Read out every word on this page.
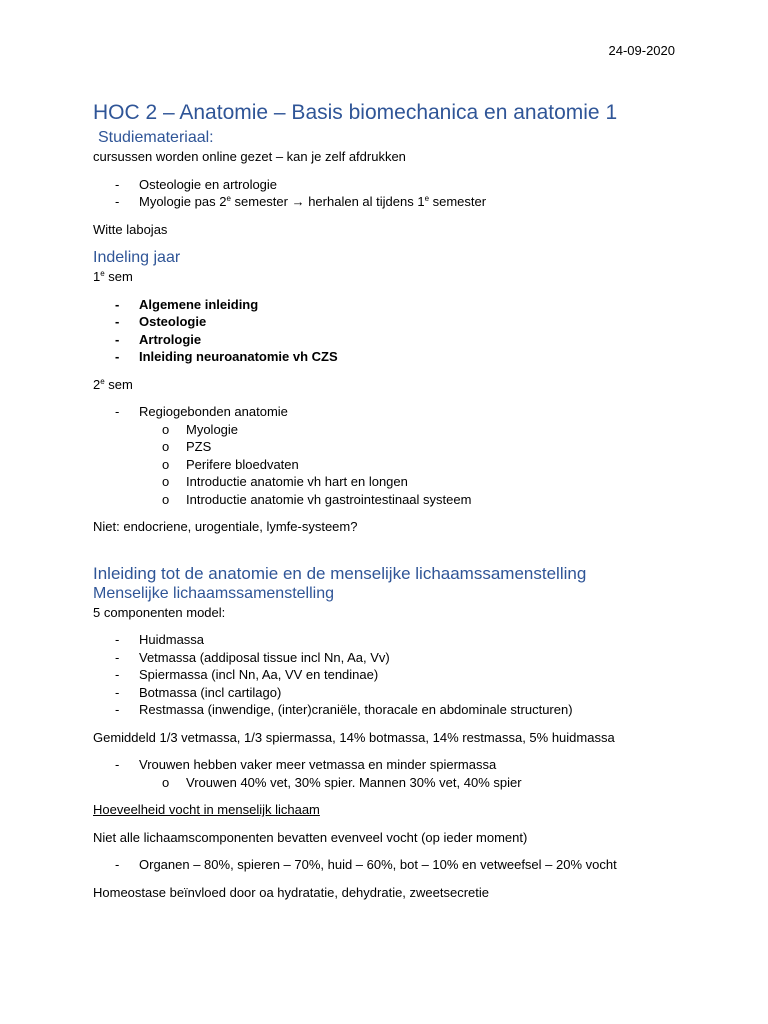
24-09-2020
HOC 2 – Anatomie – Basis biomechanica en anatomie 1
Studiemateriaal:

cursussen worden online gezet – kan je zelf afdrukken

- Osteologie en artrologie
- Myologie pas 2e semester → herhalen al tijdens 1e semester

Witte labojas

Indeling jaar

1e sem

- Algemene inleiding
- Osteologie
- Artrologie
- Inleiding neuroanatomie vh CZS

2e sem

- Regiogebonden anatomie
o Myologie
o PZS
o Perifere bloedvaten
o Introductie anatomie vh hart en longen
o Introductie anatomie vh gastrointestinaal systeem

Niet: endocriene, urogentiale, lymfe-systeem?

Inleiding tot de anatomie en de menselijke lichaamssamenstelling
Menselijke lichaamssamenstelling

5 componenten model:

- Huidmassa
- Vetmassa (addiposal tissue incl Nn, Aa, Vv)
- Spiermassa (incl Nn, Aa, VV en tendinae)
- Botmassa (incl cartilago)
- Restmassa (inwendige, (inter)craniële, thoracale en abdominale structuren)

Gemiddeld 1/3 vetmassa, 1/3 spiermassa, 14% botmassa, 14% restmassa, 5% huidmassa

- Vrouwen hebben vaker meer vetmassa en minder spiermassa
o Vrouwen 40% vet, 30% spier. Mannen 30% vet, 40% spier

Hoeveelheid vocht in menselijk lichaam

Niet alle lichaamscomponenten bevatten evenveel vocht (op ieder moment)

- Organen – 80%, spieren – 70%, huid – 60%, bot – 10% en vetweefsel – 20% vocht

Homeostase beïnvloed door oa hydratatie, dehydratie, zweetsecretie
